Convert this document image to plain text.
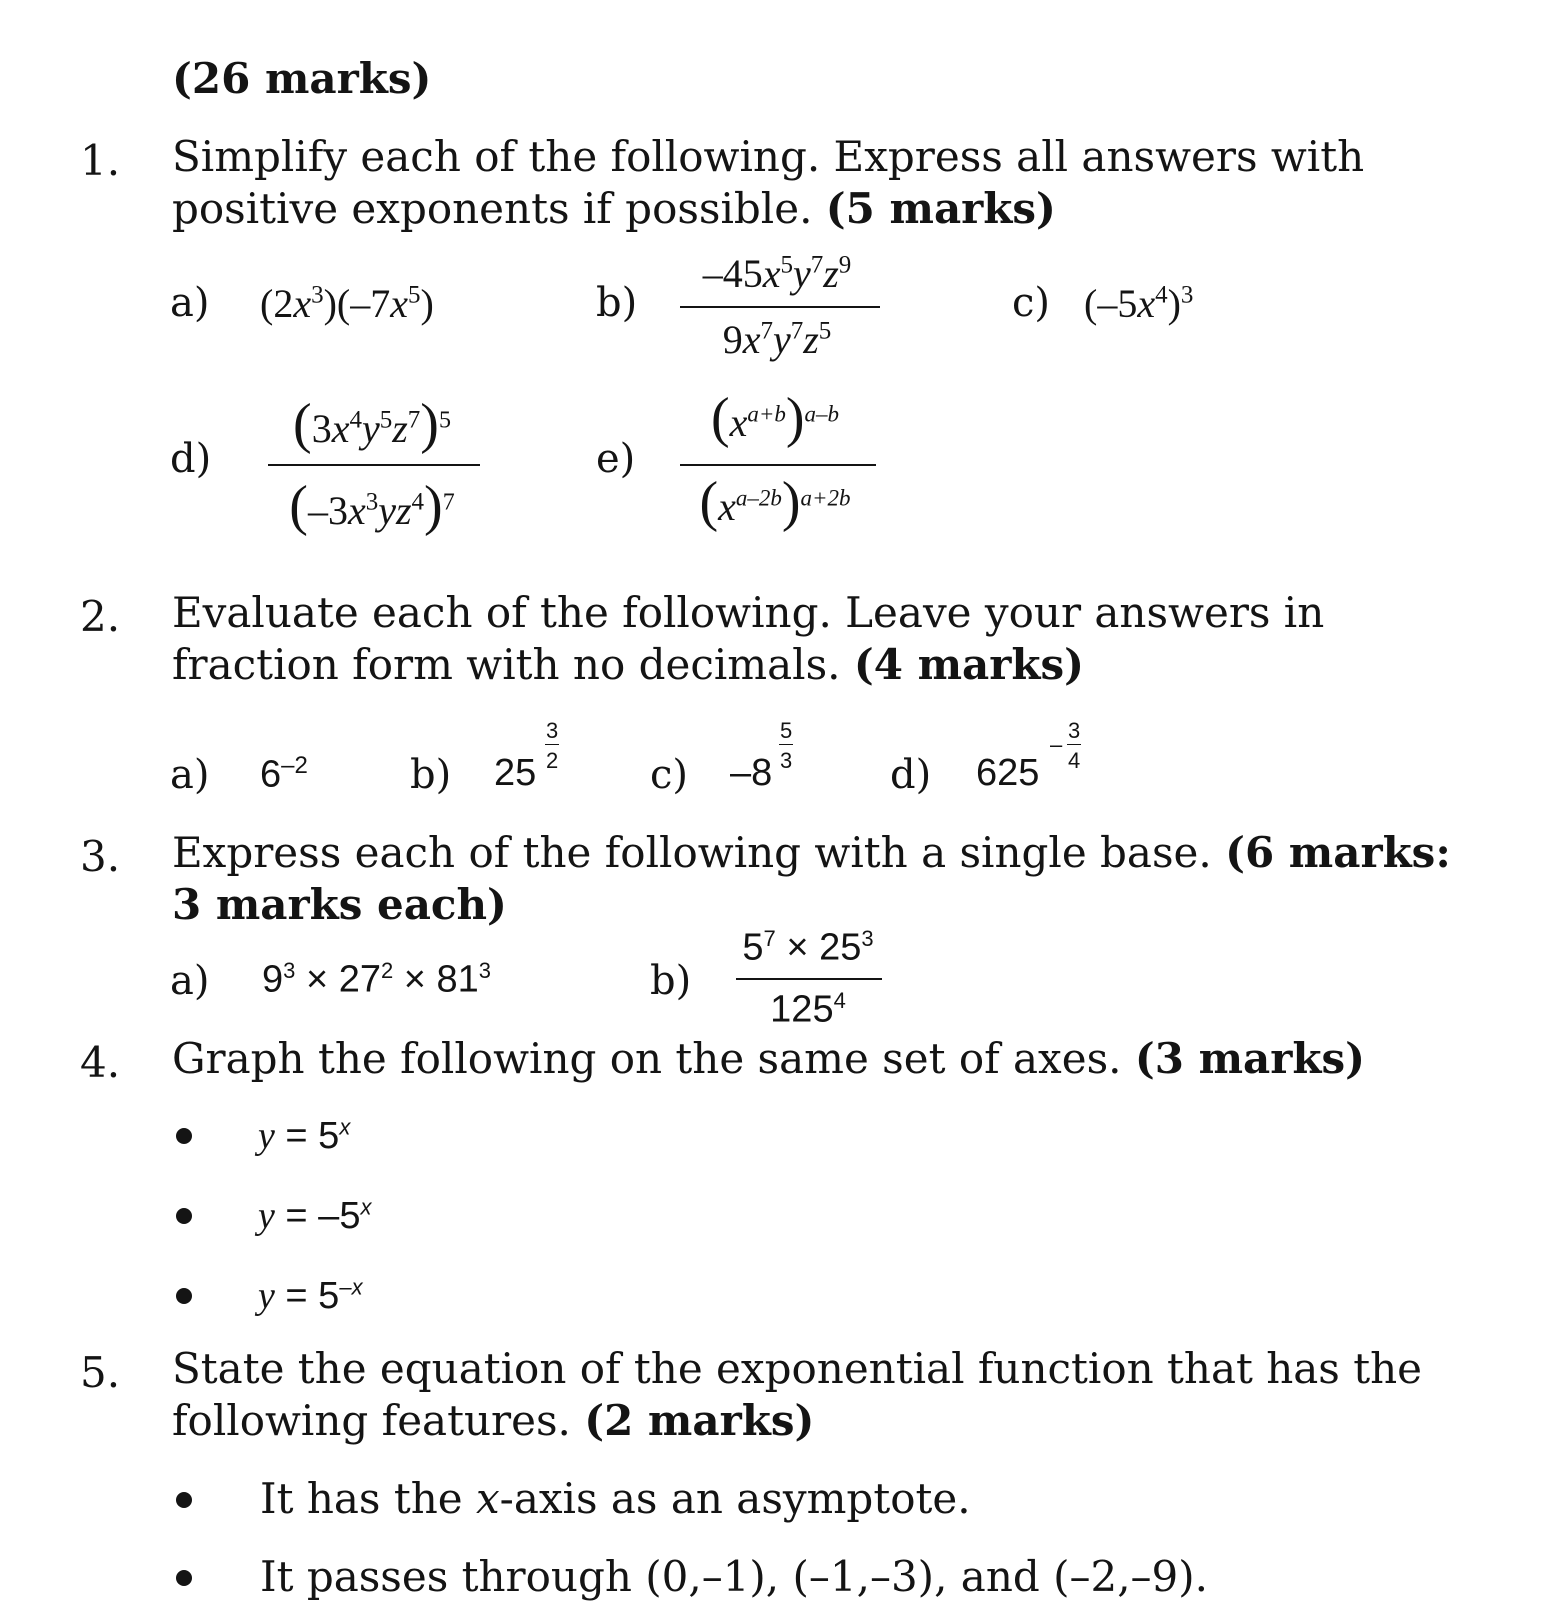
(26 marks)
1. Simplify each of the following. Express all answers with
positive exponents if possible. (5 marks)
a) $(2x^3)(-7x^5)$	b)
$-45x^5y^7z^9$
$9x^7y^7z^5$
c) $(-5x^4)^3$
d)
$(3x^4y^5z^7)^5$
$(-3x^3yz^4)^7$
e)
$(x^{a+b})^{a-b}$
$(x^{a-2b})^{a+2b}$
2. Evaluate each of the following. Leave your answers in
fraction form with no decimals. (4 marks)
a) $6^{-2}$	b) 25
3
2 c) –8
5
3 d) 625
–
3
4
3. Express each of the following with a single base. (6 marks:
3 marks each)
a) $9^3 \times 27^2 \times 81^3$	b)
$5^7 \times 25^3$
$125^4$
4. Graph the following on the same set of axes. (3 marks)
$y = 5^x$
$y = -5^x$
$y = 5^{-x}$
5. State the equation of the exponential function that has the
following features. (2 marks)
It has the x-axis as an asymptote.
It passes through (0,–1), (–1,–3), and (–2,–9).
